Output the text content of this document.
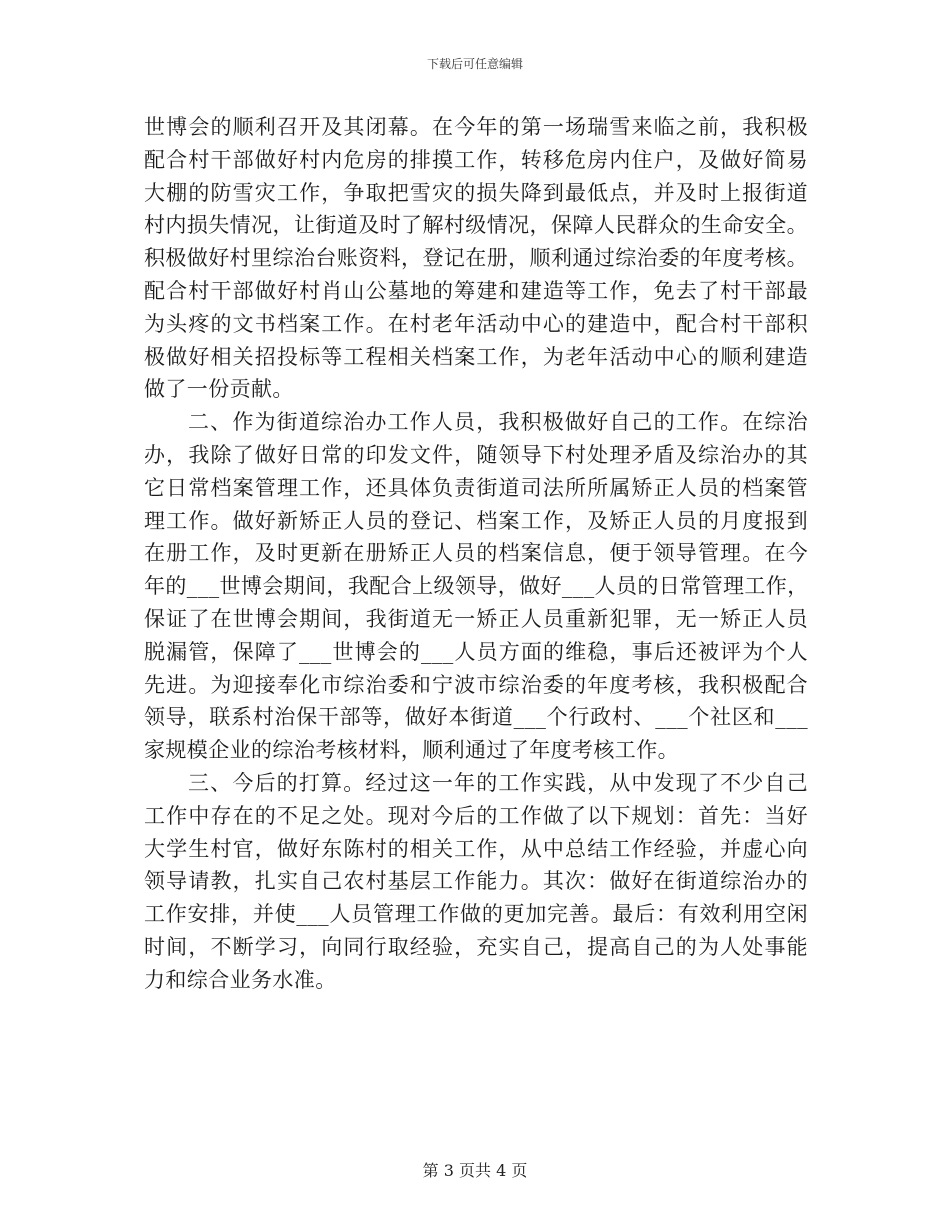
下载后可任意编辑
世博会的顺利召开及其闭幕。在今年的第一场瑞雪来临之前，我积极
配合村干部做好村内危房的排摸工作，转移危房内住户，及做好简易
大棚的防雪灾工作，争取把雪灾的损失降到最低点，并及时上报街道
村内损失情况，让街道及时了解村级情况，保障人民群众的生命安全。
积极做好村里综治台账资料，登记在册，顺利通过综治委的年度考核。
配合村干部做好村肖山公墓地的筹建和建造等工作，免去了村干部最
为头疼的文书档案工作。在村老年活动中心的建造中，配合村干部积
极做好相关招投标等工程相关档案工作，为老年活动中心的顺利建造
做了一份贡献。
二、作为街道综治办工作人员，我积极做好自己的工作。在综治
办，我除了做好日常的印发文件，随领导下村处理矛盾及综治办的其
它日常档案管理工作，还具体负责街道司法所所属矫正人员的档案管
理工作。做好新矫正人员的登记、档案工作，及矫正人员的月度报到
在册工作，及时更新在册矫正人员的档案信息，便于领导管理。在今
年的___世博会期间，我配合上级领导，做好___人员的日常管理工作，
保证了在世博会期间，我街道无一矫正人员重新犯罪，无一矫正人员
脱漏管，保障了___世博会的___人员方面的维稳，事后还被评为个人
先进。为迎接奉化市综治委和宁波市综治委的年度考核，我积极配合
领导，联系村治保干部等，做好本街道___个行政村、___个社区和___
家规模企业的综治考核材料，顺利通过了年度考核工作。
三、今后的打算。经过这一年的工作实践，从中发现了不少自己
工作中存在的不足之处。现对今后的工作做了以下规划：首先：当好
大学生村官，做好东陈村的相关工作，从中总结工作经验，并虚心向
领导请教，扎实自己农村基层工作能力。其次：做好在街道综治办的
工作安排，并使___人员管理工作做的更加完善。最后：有效利用空闲
时间，不断学习，向同行取经验，充实自己，提高自己的为人处事能
力和综合业务水准。
第 3 页共 4 页
